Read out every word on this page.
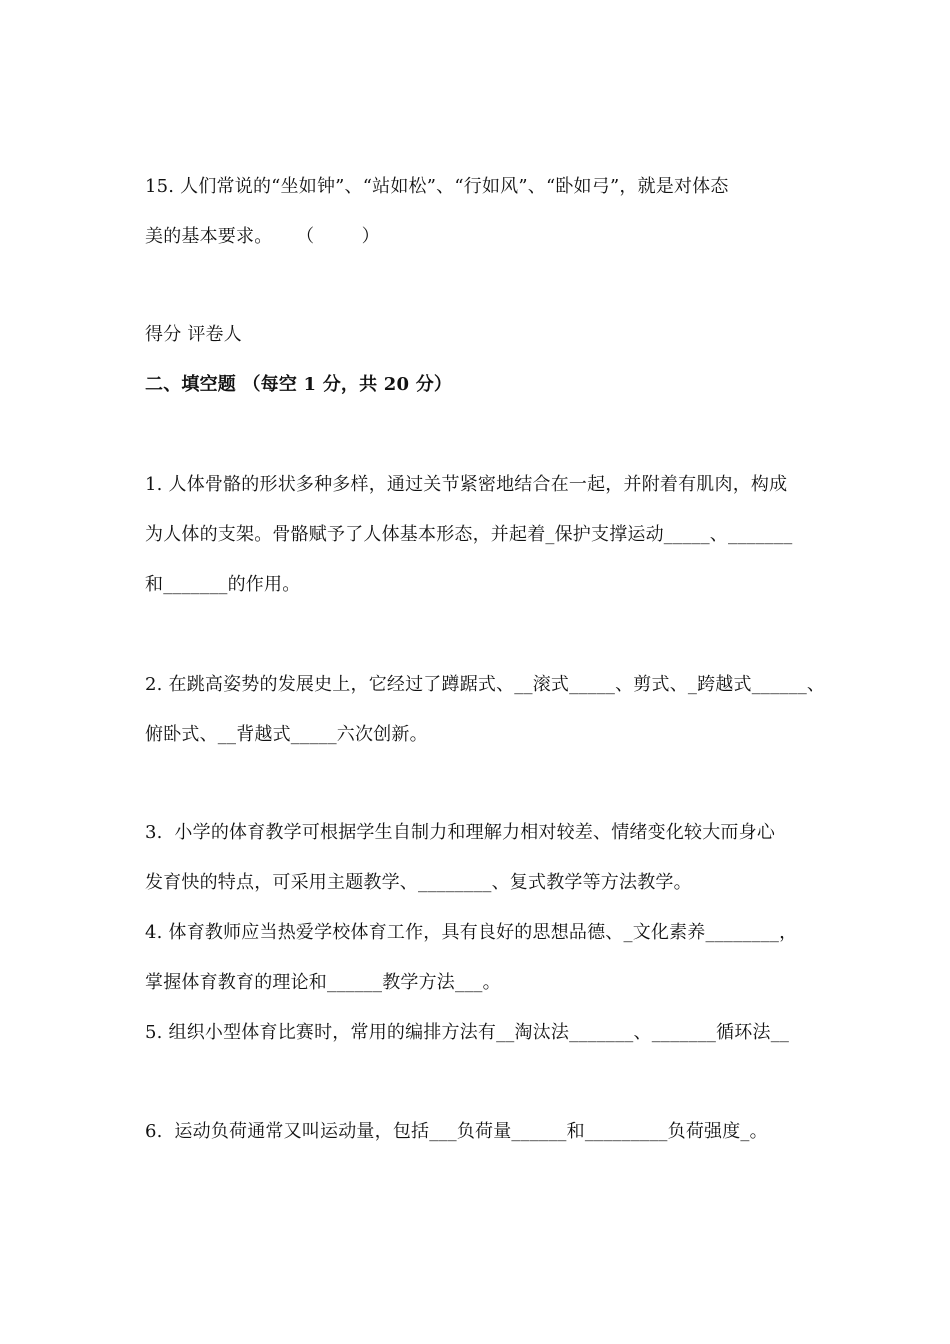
15. 人们常说的“坐如钟”、“站如松”、“行如风”、“卧如弓”，就是对体态
美的基本要求。    （        ）
得分 评卷人
二、填空题 （每空 1 分，共 20 分）
1. 人体骨骼的形状多种多样，通过关节紧密地结合在一起，并附着有肌肉，构成
为人体的支架。骨骼赋予了人体基本形态，并起着_保护支撑运动_____、_______
和_______的作用。
2. 在跳高姿势的发展史上，它经过了蹲踞式、__滚式_____、剪式、_跨越式______、
俯卧式、__背越式_____六次创新。
3.  小学的体育教学可根据学生自制力和理解力相对较差、情绪变化较大而身心
发育快的特点，可采用主题教学、________、复式教学等方法教学。
4. 体育教师应当热爱学校体育工作，具有良好的思想品德、_文化素养________，
掌握体育教育的理论和______教学方法___。
5. 组织小型体育比赛时，常用的编排方法有__淘汰法_______、_______循环法__
6.  运动负荷通常又叫运动量，包括___负荷量______和_________负荷强度_。
